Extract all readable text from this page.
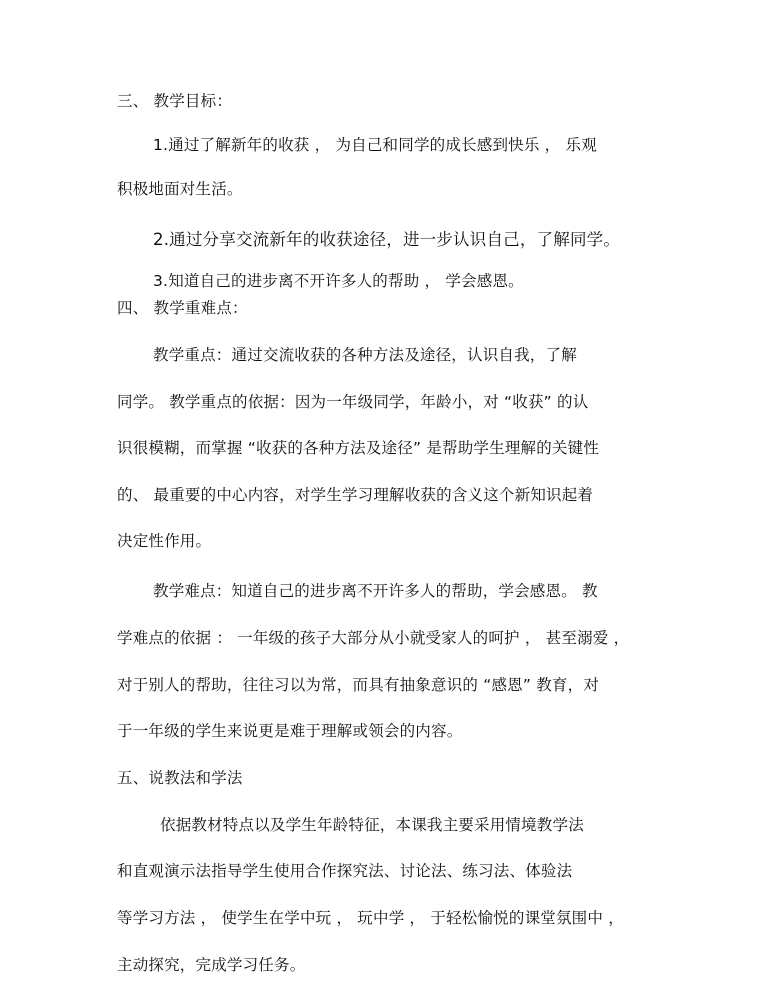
三、 教学目标：
1.通过了解新年的收获 ， 为自己和同学的成长感到快乐 ， 乐观
积极地面对生活。
2.通过分享交流新年的收获途径，进一步认识自己，了解同学。
3.知道自己的进步离不开许多人的帮助 ， 学会感恩。
四、 教学重难点：
教学重点：通过交流收获的各种方法及途径，认识自我，了解
同学。 教学重点的依据：因为一年级同学，年龄小，对 “收获” 的认
识很模糊，而掌握 “收获的各种方法及途径” 是帮助学生理解的关键性
的、 最重要的中心内容，对学生学习理解收获的含义这个新知识起着
决定性作用。
教学难点：知道自己的进步离不开许多人的帮助，学会感恩。 教
学难点的依据 ： 一年级的孩子大部分从小就受家人的呵护 ， 甚至溺爱 ，
对于别人的帮助，往往习以为常，而具有抽象意识的 “感恩” 教育，对
于一年级的学生来说更是难于理解或领会的内容。
五、说教法和学法
依据教材特点以及学生年龄特征，本课我主要采用情境教学法
和直观演示法指导学生使用合作探究法、讨论法、练习法、体验法
等学习方法 ， 使学生在学中玩 ， 玩中学 ， 于轻松愉悦的课堂氛围中 ，
主动探究，完成学习任务。
